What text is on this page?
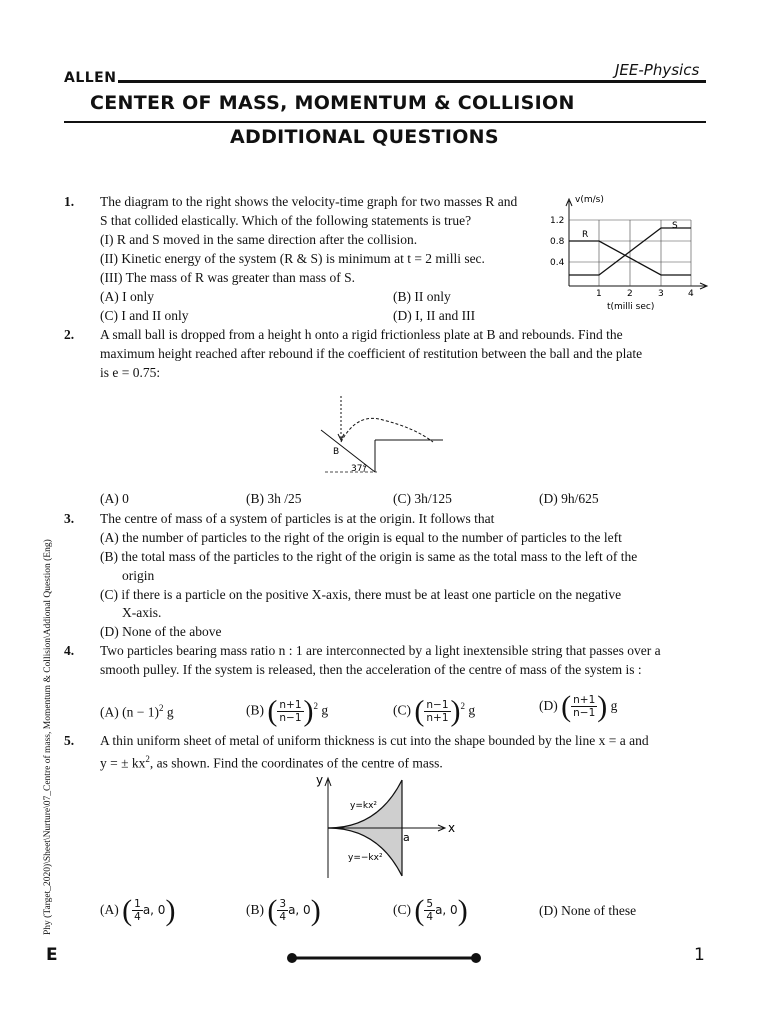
ALLEN	JEE-Physics
CENTER OF MASS, MOMENTUM & COLLISION
ADDITIONAL QUESTIONS
Phy (Target_2020)\Sheet\Nurture\07_Centre of mass, Momentum & Collision\Addional Question (Eng)
1. The diagram to the right shows the velocity-time graph for two masses R and
S that collided elastically. Which of the following statements is true?
(I) R and S moved in the same direction after the collision.
(II) Kinetic energy of the system (R & S) is minimum at t = 2 milli sec.
(III) The mass of R was greater than mass of S.
(A) I only	(B) II only
(C) I and II only	(D) I, II and III
v(m/s)
1.2
0.8
0.4
1	2	3	4
t(milli sec)
R
S
2. A small ball is dropped from a height h onto a rigid frictionless plate at B and rebounds. Find the
maximum height reached after rebound if the coefficient of restitution between the ball and the plate
is e = 0.75:
B
37°
(A) 0	(B) 3h /25	(C) 3h/125	(D) 9h/625
3. The centre of mass of a system of particles is at the origin. It follows that
(A) the number of particles to the right of the origin is equal to the number of particles to the left
(B) the total mass of the particles to the right of the origin is same as the total mass to the left of the
origin
(C) if there is a particle on the positive X-axis, there must be at least one particle on the negative
X-axis.
(D) None of the above
4. Two particles bearing mass ratio n : 1 are interconnected by a light inextensible string that passes over a
smooth pulley. If the system is released, then the acceleration of the centre of mass of the system is :
(A) $(n - 1)^2$ g	(B) ( $\frac{n+1}{n-1} )^2$ g	(C) ( $\frac{n-1}{n+1} )^2$ g	(D) ( $\frac{n+1}{n-1}$ ) g
5. A thin uniform sheet of metal of uniform thickness is cut into the shape bounded by the line x = a and
y = ± $kx^2$, as shown. Find the coordinates of the centre of mass.
y
x
a
y=kx²
y=−kx²
(A) ( $\frac{1}{4} a$, 0)	(B) ( $\frac{3}{4} a$, 0)	(C) ( $\frac{5}{4} a$, 0)	(D) None of these
E	1
